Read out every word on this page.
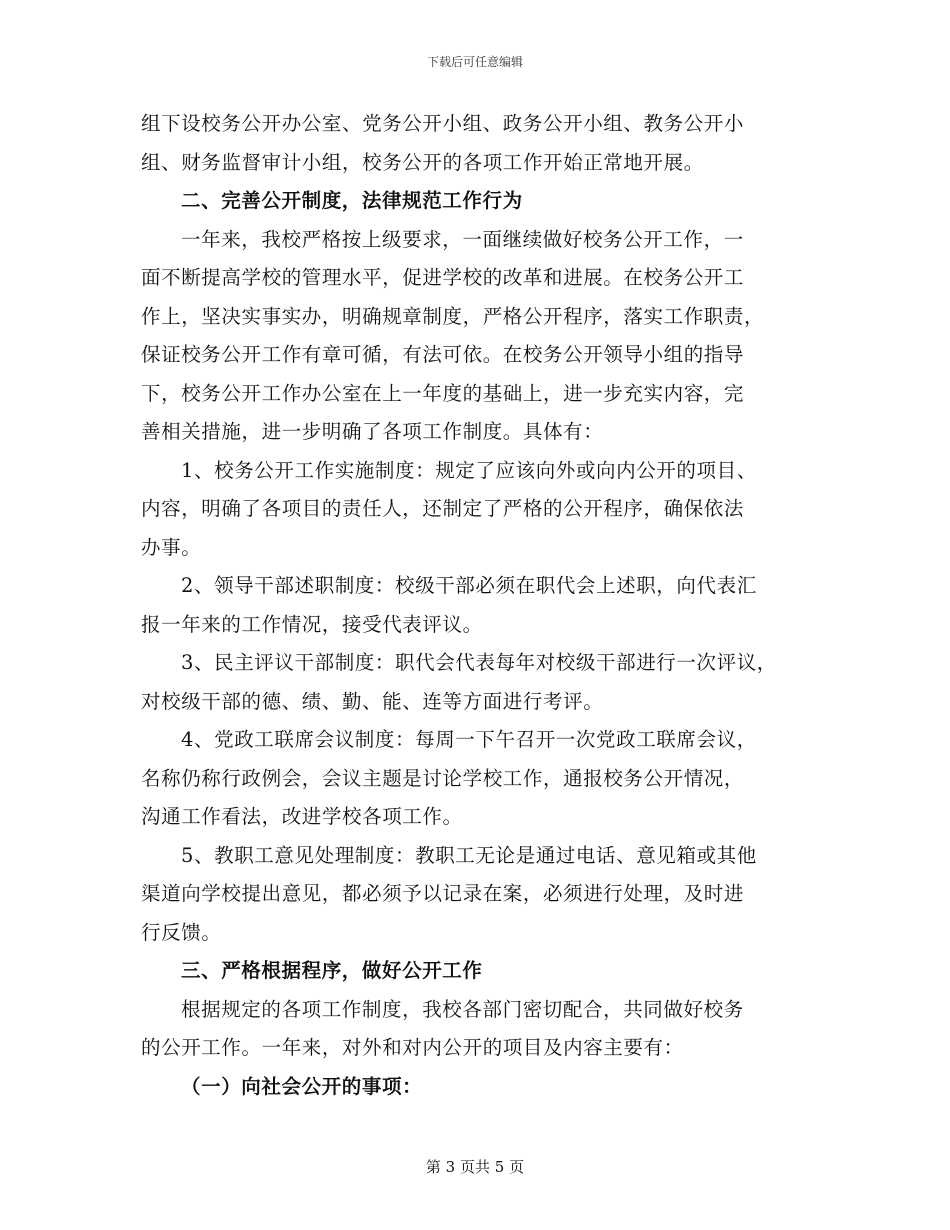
下载后可任意编辑
组下设校务公开办公室、党务公开小组、政务公开小组、教务公开小
组、财务监督审计小组，校务公开的各项工作开始正常地开展。
二、完善公开制度，法律规范工作行为
一年来，我校严格按上级要求，一面继续做好校务公开工作，一
面不断提高学校的管理水平，促进学校的改革和进展。在校务公开工
作上，坚决实事实办，明确规章制度，严格公开程序，落实工作职责，
保证校务公开工作有章可循，有法可依。在校务公开领导小组的指导
下，校务公开工作办公室在上一年度的基础上，进一步充实内容，完
善相关措施，进一步明确了各项工作制度。具体有：
1、校务公开工作实施制度：规定了应该向外或向内公开的项目、
内容，明确了各项目的责任人，还制定了严格的公开程序，确保依法
办事。
2、领导干部述职制度：校级干部必须在职代会上述职，向代表汇
报一年来的工作情况，接受代表评议。
3、民主评议干部制度：职代会代表每年对校级干部进行一次评议，
对校级干部的德、绩、勤、能、连等方面进行考评。
4、党政工联席会议制度：每周一下午召开一次党政工联席会议，
名称仍称行政例会，会议主题是讨论学校工作，通报校务公开情况，
沟通工作看法，改进学校各项工作。
5、教职工意见处理制度：教职工无论是通过电话、意见箱或其他
渠道向学校提出意见，都必须予以记录在案，必须进行处理，及时进
行反馈。
三、严格根据程序，做好公开工作
根据规定的各项工作制度，我校各部门密切配合，共同做好校务
的公开工作。一年来，对外和对内公开的项目及内容主要有：
（一）向社会公开的事项：
第 3 页共 5 页
